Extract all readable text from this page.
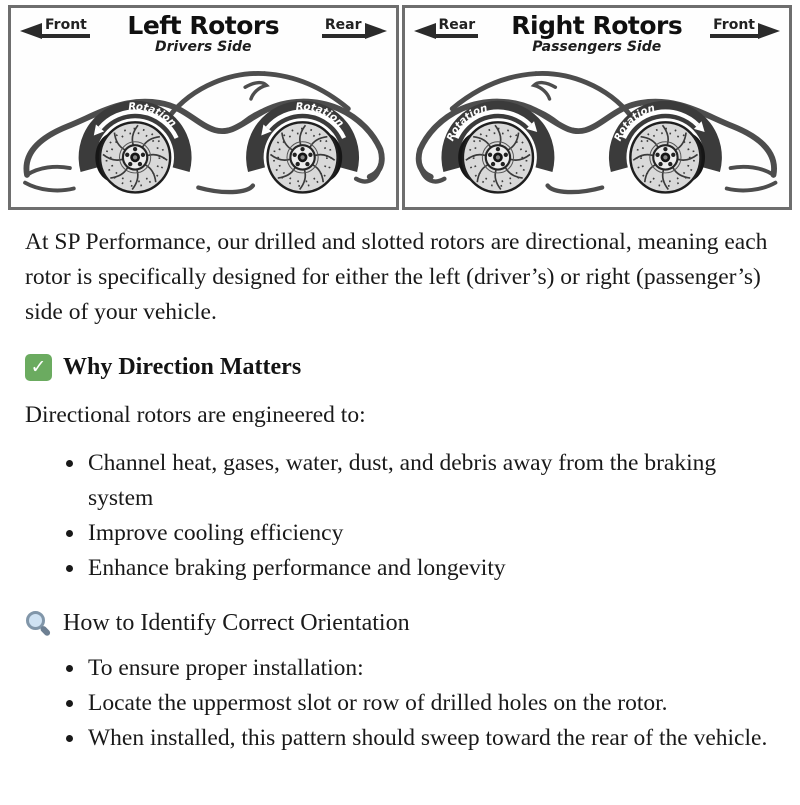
Front	Left Rotors
Drivers Side
Rear	Rear	Right Rotors
Passengers Side
Front

At SP Performance, our drilled and slotted rotors are directional, meaning each rotor is specifically designed for either the left (driver’s) or right (passenger’s) side of your vehicle.

✓
Why Direction Matters

Directional rotors are engineered to:

• Channel heat, gases, water, dust, and debris away from the braking system
• Improve cooling efficiency
• Enhance braking performance and longevity
How to Identify Correct Orientation
• To ensure proper installation:
• Locate the uppermost slot or row of drilled holes on the rotor.
• When installed, this pattern should sweep toward the rear of the vehicle.
